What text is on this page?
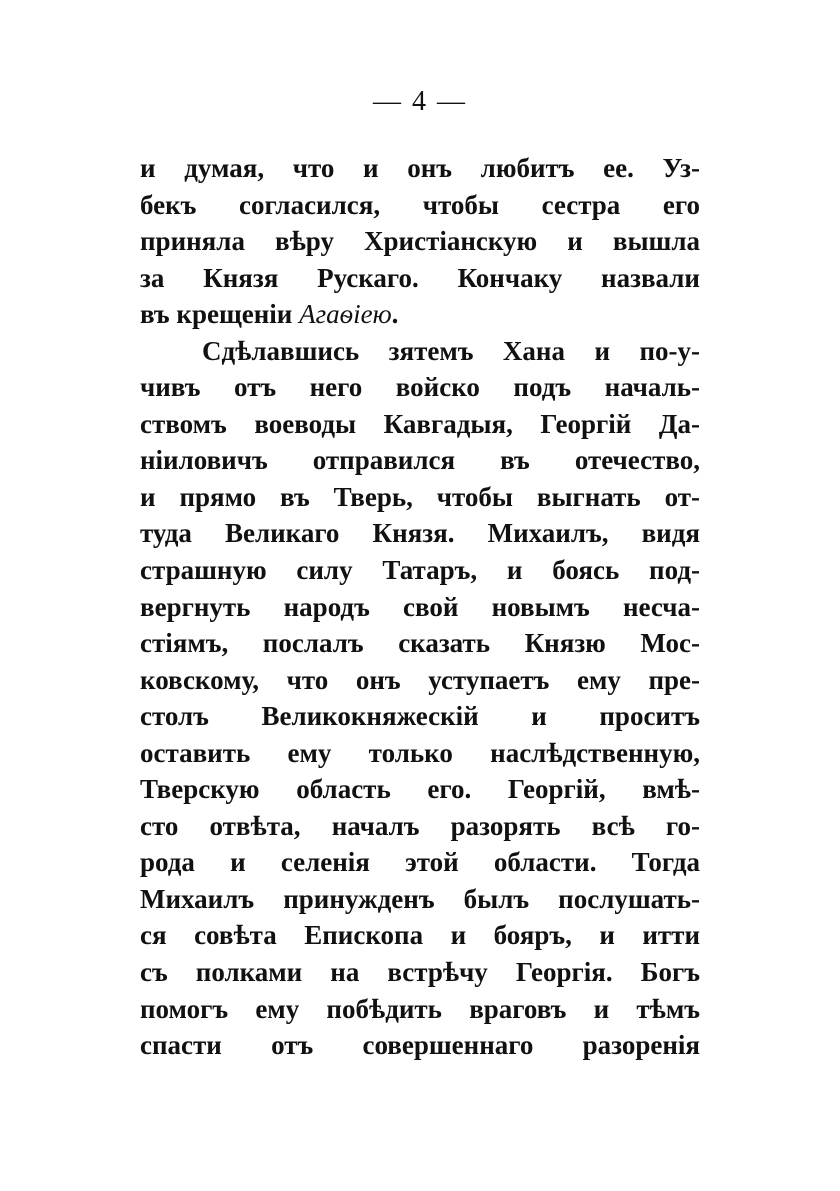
— 4 —
и думая, что и онъ любитъ ее. Уз-
бекъ согласился, чтобы сестра его
приняла вѣру Христіанскую и вышла
за Князя Рускаго. Кончаку назвали
въ крещеніи Агаѳіею.
Сдѣлавшись зятемъ Хана и по-у-
чивъ отъ него войско подъ началь-
ствомъ воеводы Кавгадыя, Георгій Да-
ніиловичъ отправился въ отечество,
и прямо въ Тверь, чтобы выгнать от-
туда Великаго Князя. Михаилъ, видя
страшную силу Татаръ, и боясь под-
вергнуть народъ свой новымъ несча-
стіямъ, послалъ сказать Князю Мос-
ковскому, что онъ уступаетъ ему пре-
столъ Великокняжескій и проситъ
оставить ему только наслѣдственную,
Тверскую область его. Георгій, вмѣ-
сто отвѣта, началъ разорять всѣ го-
рода и селенія этой области. Тогда
Михаилъ принужденъ былъ послушать-
ся совѣта Епископа и бояръ, и итти
съ полками на встрѣчу Георгія. Богъ
помогъ ему побѣдить враговъ и тѣмъ
спасти отъ совершеннаго разоренія
